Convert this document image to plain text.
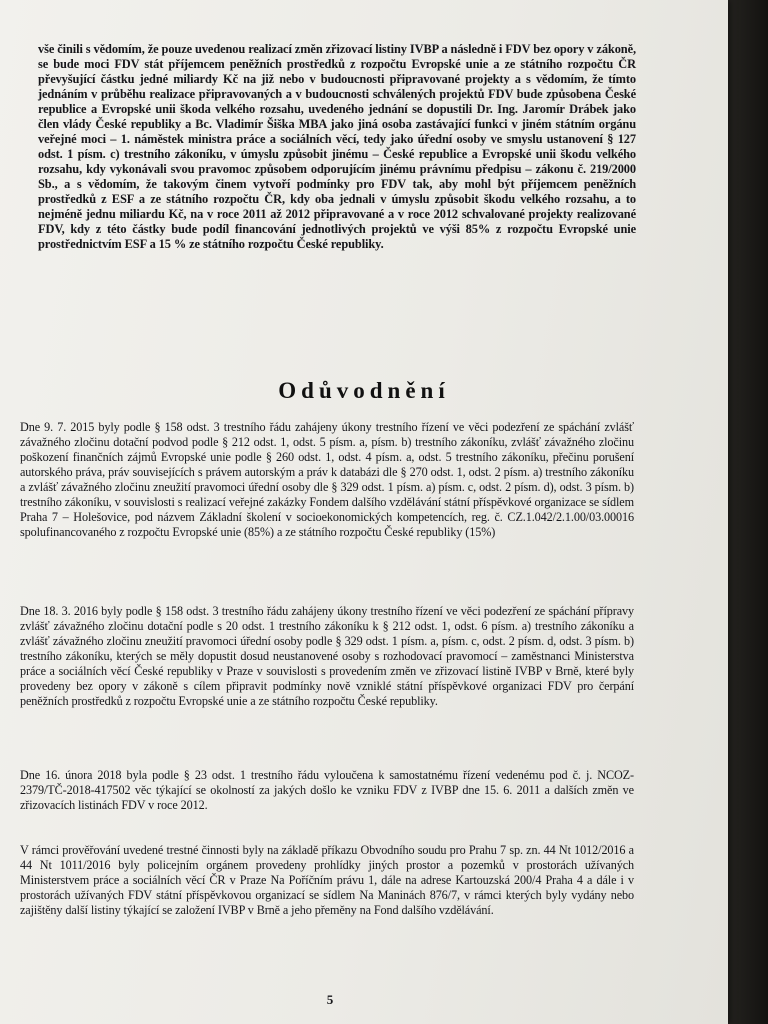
vše činili s vědomím, že pouze uvedenou realizací změn zřizovací listiny IVBP a následně i FDV bez opory v zákoně, se bude moci FDV stát příjemcem peněžních prostředků z rozpočtu Evropské unie a ze státního rozpočtu ČR převyšující částku jedné miliardy Kč na již nebo v budoucnosti připravované projekty a s vědomím, že tímto jednáním v průběhu realizace připravovaných a v budoucnosti schválených projektů FDV bude způsobena České republice a Evropské unii škoda velkého rozsahu, uvedeného jednání se dopustili Dr. Ing. Jaromír Drábek jako člen vlády České republiky a Bc. Vladimír Šiška MBA jako jiná osoba zastávající funkci v jiném státním orgánu veřejné moci – 1. náměstek ministra práce a sociálních věcí, tedy jako úřední osoby ve smyslu ustanovení § 127 odst. 1 písm. c) trestního zákoníku, v úmyslu způsobit jinému – České republice a Evropské unii škodu velkého rozsahu, kdy vykonávali svou pravomoc způsobem odporujícím jinému právnímu předpisu – zákonu č. 219/2000 Sb., a s vědomím, že takovým činem vytvoří podmínky pro FDV tak, aby mohl být příjemcem peněžních prostředků z ESF a ze státního rozpočtu ČR, kdy oba jednali v úmyslu způsobit škodu velkého rozsahu, a to nejméně jednu miliardu Kč, na v roce 2011 až 2012 připravované a v roce 2012 schvalované projekty realizované FDV, kdy z této částky bude podíl financování jednotlivých projektů ve výši 85% z rozpočtu Evropské unie prostřednictvím ESF a 15 % ze státního rozpočtu České republiky.

Odůvodnění

Dne 9. 7. 2015 byly podle § 158 odst. 3 trestního řádu zahájeny úkony trestního řízení ve věci podezření ze spáchání zvlášť závažného zločinu dotační podvod podle § 212 odst. 1, odst. 5 písm. a, písm. b) trestního zákoníku, zvlášť závažného zločinu poškození finančních zájmů Evropské unie podle § 260 odst. 1, odst. 4 písm. a, odst. 5 trestního zákoníku, přečinu porušení autorského práva, práv souvisejících s právem autorským a práv k databázi dle § 270 odst. 1, odst. 2 písm. a) trestního zákoníku a zvlášť závažného zločinu zneužití pravomoci úřední osoby dle § 329 odst. 1 písm. a) písm. c, odst. 2 písm. d), odst. 3 písm. b) trestního zákoníku, v souvislosti s realizací veřejné zakázky Fondem dalšího vzdělávání státní příspěvkové organizace se sídlem Praha 7 – Holešovice, pod názvem Základní školení v socioekonomických kompetencích, reg. č. CZ.1.042/2.1.00/03.00016 spolufinancovaného z rozpočtu Evropské unie (85%) a ze státního rozpočtu České republiky (15%)

Dne 18. 3. 2016 byly podle § 158 odst. 3 trestního řádu zahájeny úkony trestního řízení ve věci podezření ze spáchání přípravy zvlášť závažného zločinu dotační podle s 20 odst. 1 trestního zákoníku k § 212 odst. 1, odst. 6 písm. a) trestního zákoníku a zvlášť závažného zločinu zneužití pravomoci úřední osoby podle § 329 odst. 1 písm. a, písm. c, odst. 2 písm. d, odst. 3 písm. b) trestního zákoníku, kterých se měly dopustit dosud neustanovené osoby s rozhodovací pravomocí – zaměstnanci Ministerstva práce a sociálních věcí České republiky v Praze v souvislosti s provedením změn ve zřizovací listině IVBP v Brně, které byly provedeny bez opory v zákoně s cílem připravit podmínky nově vzniklé státní příspěvkové organizaci FDV pro čerpání peněžních prostředků z rozpočtu Evropské unie a ze státního rozpočtu České republiky.

Dne 16. února 2018 byla podle § 23 odst. 1 trestního řádu vyloučena k samostatnému řízení vedenému pod č. j. NCOZ- 2379/TČ-2018-417502 věc týkající se okolností za jakých došlo ke vzniku FDV z IVBP dne 15. 6. 2011 a dalších změn ve zřizovacích listinách FDV v roce 2012.

V rámci prověřování uvedené trestné činnosti byly na základě příkazu Obvodního soudu pro Prahu 7 sp. zn. 44 Nt 1012/2016 a 44 Nt 1011/2016 byly policejním orgánem provedeny prohlídky jiných prostor a pozemků v prostorách užívaných Ministerstvem práce a sociálních věcí ČR v Praze Na Poříčním právu 1, dále na adrese Kartouzská 200/4 Praha 4 a dále i v prostorách užívaných FDV státní příspěvkovou organizací se sídlem Na Maninách 876/7, v rámci kterých byly vydány nebo zajištěny další listiny týkající se založení IVBP v Brně a jeho přeměny na Fond dalšího vzdělávání.

5
